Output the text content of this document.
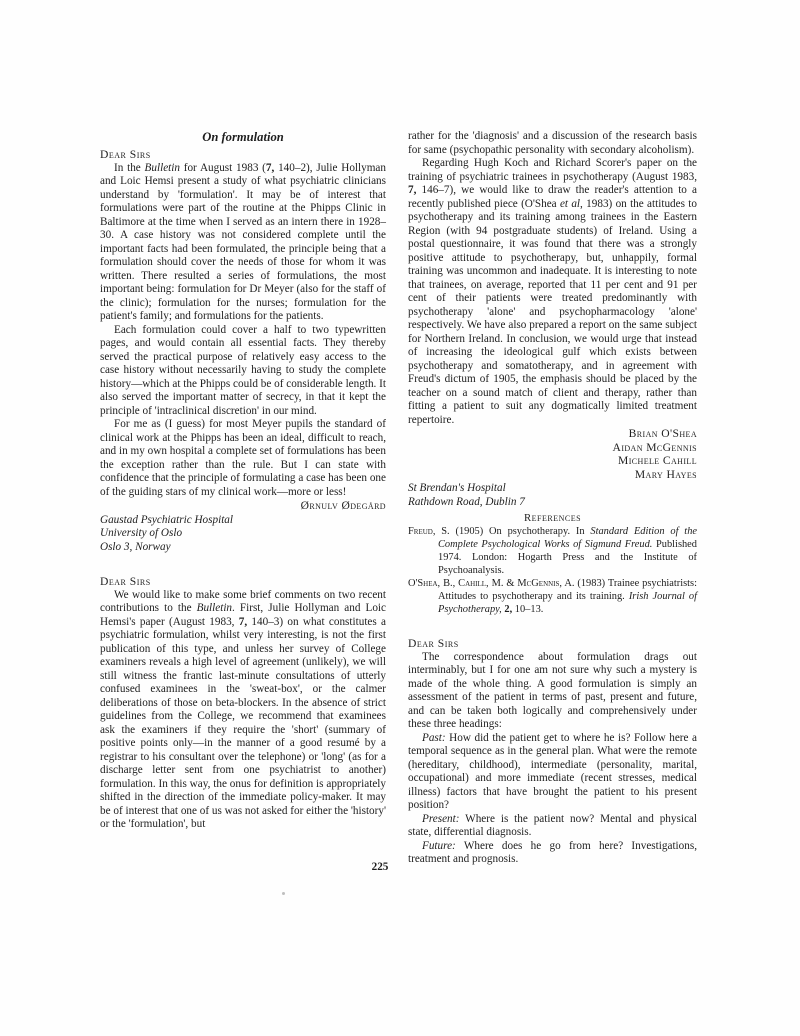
On formulation

Dear Sirs

In the Bulletin for August 1983 (7, 140–2), Julie Hollyman and Loic Hemsi present a study of what psychiatric clinicians understand by 'formulation'. It may be of interest that formulations were part of the routine at the Phipps Clinic in Baltimore at the time when I served as an intern there in 1928–30. A case history was not considered complete until the important facts had been formulated, the principle being that a formulation should cover the needs of those for whom it was written. There resulted a series of formulations, the most important being: formulation for Dr Meyer (also for the staff of the clinic); formulation for the nurses; formulation for the patient's family; and formulations for the patients.

Each formulation could cover a half to two typewritten pages, and would contain all essential facts. They thereby served the practical purpose of relatively easy access to the case history without necessarily having to study the complete history—which at the Phipps could be of considerable length. It also served the important matter of secrecy, in that it kept the principle of 'intraclinical discretion' in our mind.

For me as (I guess) for most Meyer pupils the standard of clinical work at the Phipps has been an ideal, difficult to reach, and in my own hospital a complete set of formulations has been the exception rather than the rule. But I can state with confidence that the principle of formulating a case has been one of the guiding stars of my clinical work—more or less!

Ørnulv Ødegård

Gaustad Psychiatric Hospital

University of Oslo

Oslo 3, Norway

Dear Sirs

We would like to make some brief comments on two recent contributions to the Bulletin. First, Julie Hollyman and Loic Hemsi's paper (August 1983, 7, 140–3) on what constitutes a psychiatric formulation, whilst very interesting, is not the first publication of this type, and unless her survey of College examiners reveals a high level of agreement (unlikely), we will still witness the frantic last-minute consultations of utterly confused examinees in the 'sweat-box', or the calmer deliberations of those on beta-blockers. In the absence of strict guidelines from the College, we recommend that examinees ask the examiners if they require the 'short' (summary of positive points only—in the manner of a good resumé by a registrar to his consultant over the telephone) or 'long' (as for a discharge letter sent from one psychiatrist to another) formulation. In this way, the onus for definition is appropriately shifted in the direction of the immediate policy-maker. It may be of interest that one of us was not asked for either the 'history' or the 'formulation', but

rather for the 'diagnosis' and a discussion of the research basis for same (psychopathic personality with secondary alcoholism).

Regarding Hugh Koch and Richard Scorer's paper on the training of psychiatric trainees in psychotherapy (August 1983, 7, 146–7), we would like to draw the reader's attention to a recently published piece (O'Shea et al, 1983) on the attitudes to psychotherapy and its training among trainees in the Eastern Region (with 94 postgraduate students) of Ireland. Using a postal questionnaire, it was found that there was a strongly positive attitude to psychotherapy, but, unhappily, formal training was uncommon and inadequate. It is interesting to note that trainees, on average, reported that 11 per cent and 91 per cent of their patients were treated predominantly with psychotherapy 'alone' and psychopharmacology 'alone' respectively. We have also prepared a report on the same subject for Northern Ireland. In conclusion, we would urge that instead of increasing the ideological gulf which exists between psychotherapy and somatotherapy, and in agreement with Freud's dictum of 1905, the emphasis should be placed by the teacher on a sound match of client and therapy, rather than fitting a patient to suit any dogmatically limited treatment repertoire.

Brian O'Shea

Aidan McGennis

Michele Cahill

Mary Hayes

St Brendan's Hospital

Rathdown Road, Dublin 7

References

Freud, S. (1905) On psychotherapy. In Standard Edition of the Complete Psychological Works of Sigmund Freud. Published 1974. London: Hogarth Press and the Institute of Psychoanalysis.

O'Shea, B., Cahill, M. & McGennis, A. (1983) Trainee psychiatrists: Attitudes to psychotherapy and its training. Irish Journal of Psychotherapy, 2, 10–13.

Dear Sirs

The correspondence about formulation drags out interminably, but I for one am not sure why such a mystery is made of the whole thing. A good formulation is simply an assessment of the patient in terms of past, present and future, and can be taken both logically and comprehensively under these three headings:

Past: How did the patient get to where he is? Follow here a temporal sequence as in the general plan. What were the remote (hereditary, childhood), intermediate (personality, marital, occupational) and more immediate (recent stresses, medical illness) factors that have brought the patient to his present position?

Present: Where is the patient now? Mental and physical state, differential diagnosis.

Future: Where does he go from here? Investigations, treatment and prognosis.

225
